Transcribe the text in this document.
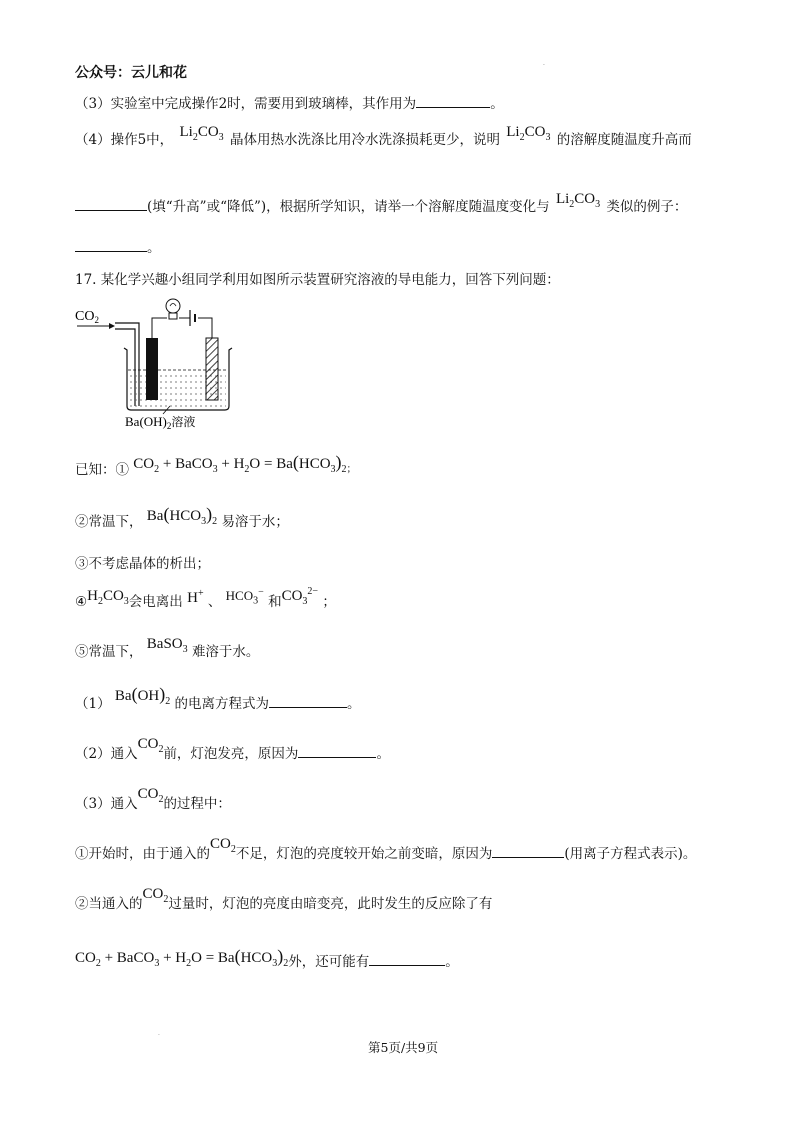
公众号：云儿和花	·
（3）实验室中完成操作2时，需要用到玻璃棒，其作用为	。
（4）操作5中， $Li_2CO_3$ 晶体用热水洗涤比用冷水洗涤损耗更少，说明 $Li_2CO_3$ 的溶解度随温度升高而
(填“升高”或“降低”)，根据所学知识，请举一个溶解度随温度变化与 $Li_2CO_3$ 类似的例子：
。
17. 某化学兴趣小组同学利用如图所示装置研究溶液的导电能力，回答下列问题：
$CO_2$
$Ba(OH)_2$溶液
已知：① $CO_2$ + BaCO$_3$ + $H_2O = Ba(HCO_3)_2$；
②常温下， $Ba(HCO_3)_2$ 易溶于水；
③不考虑晶体的析出；
$④H_2CO_3$会电离出 H+ 、 $HCO_3^-$ 和$CO_3^{2-}$ ；
⑤常温下， BaSO$_3$ 难溶于水。
（1） $Ba(OH)_2$ 的电离方程式为	。
（2）通入$CO_2$前，灯泡发亮，原因为	。
（3）通入$CO_2$的过程中：
①开始时，由于通入的$CO_2$不足，灯泡的亮度较开始之前变暗，原因为	(用离子方程式表示)。
②当通入的$CO_2$过量时，灯泡的亮度由暗变亮，此时发生的反应除了有
$CO_2$ + BaCO$_3$ + $H_2O = Ba(HCO_3)_2$外，还可能有	。
第5页/共9页
·
